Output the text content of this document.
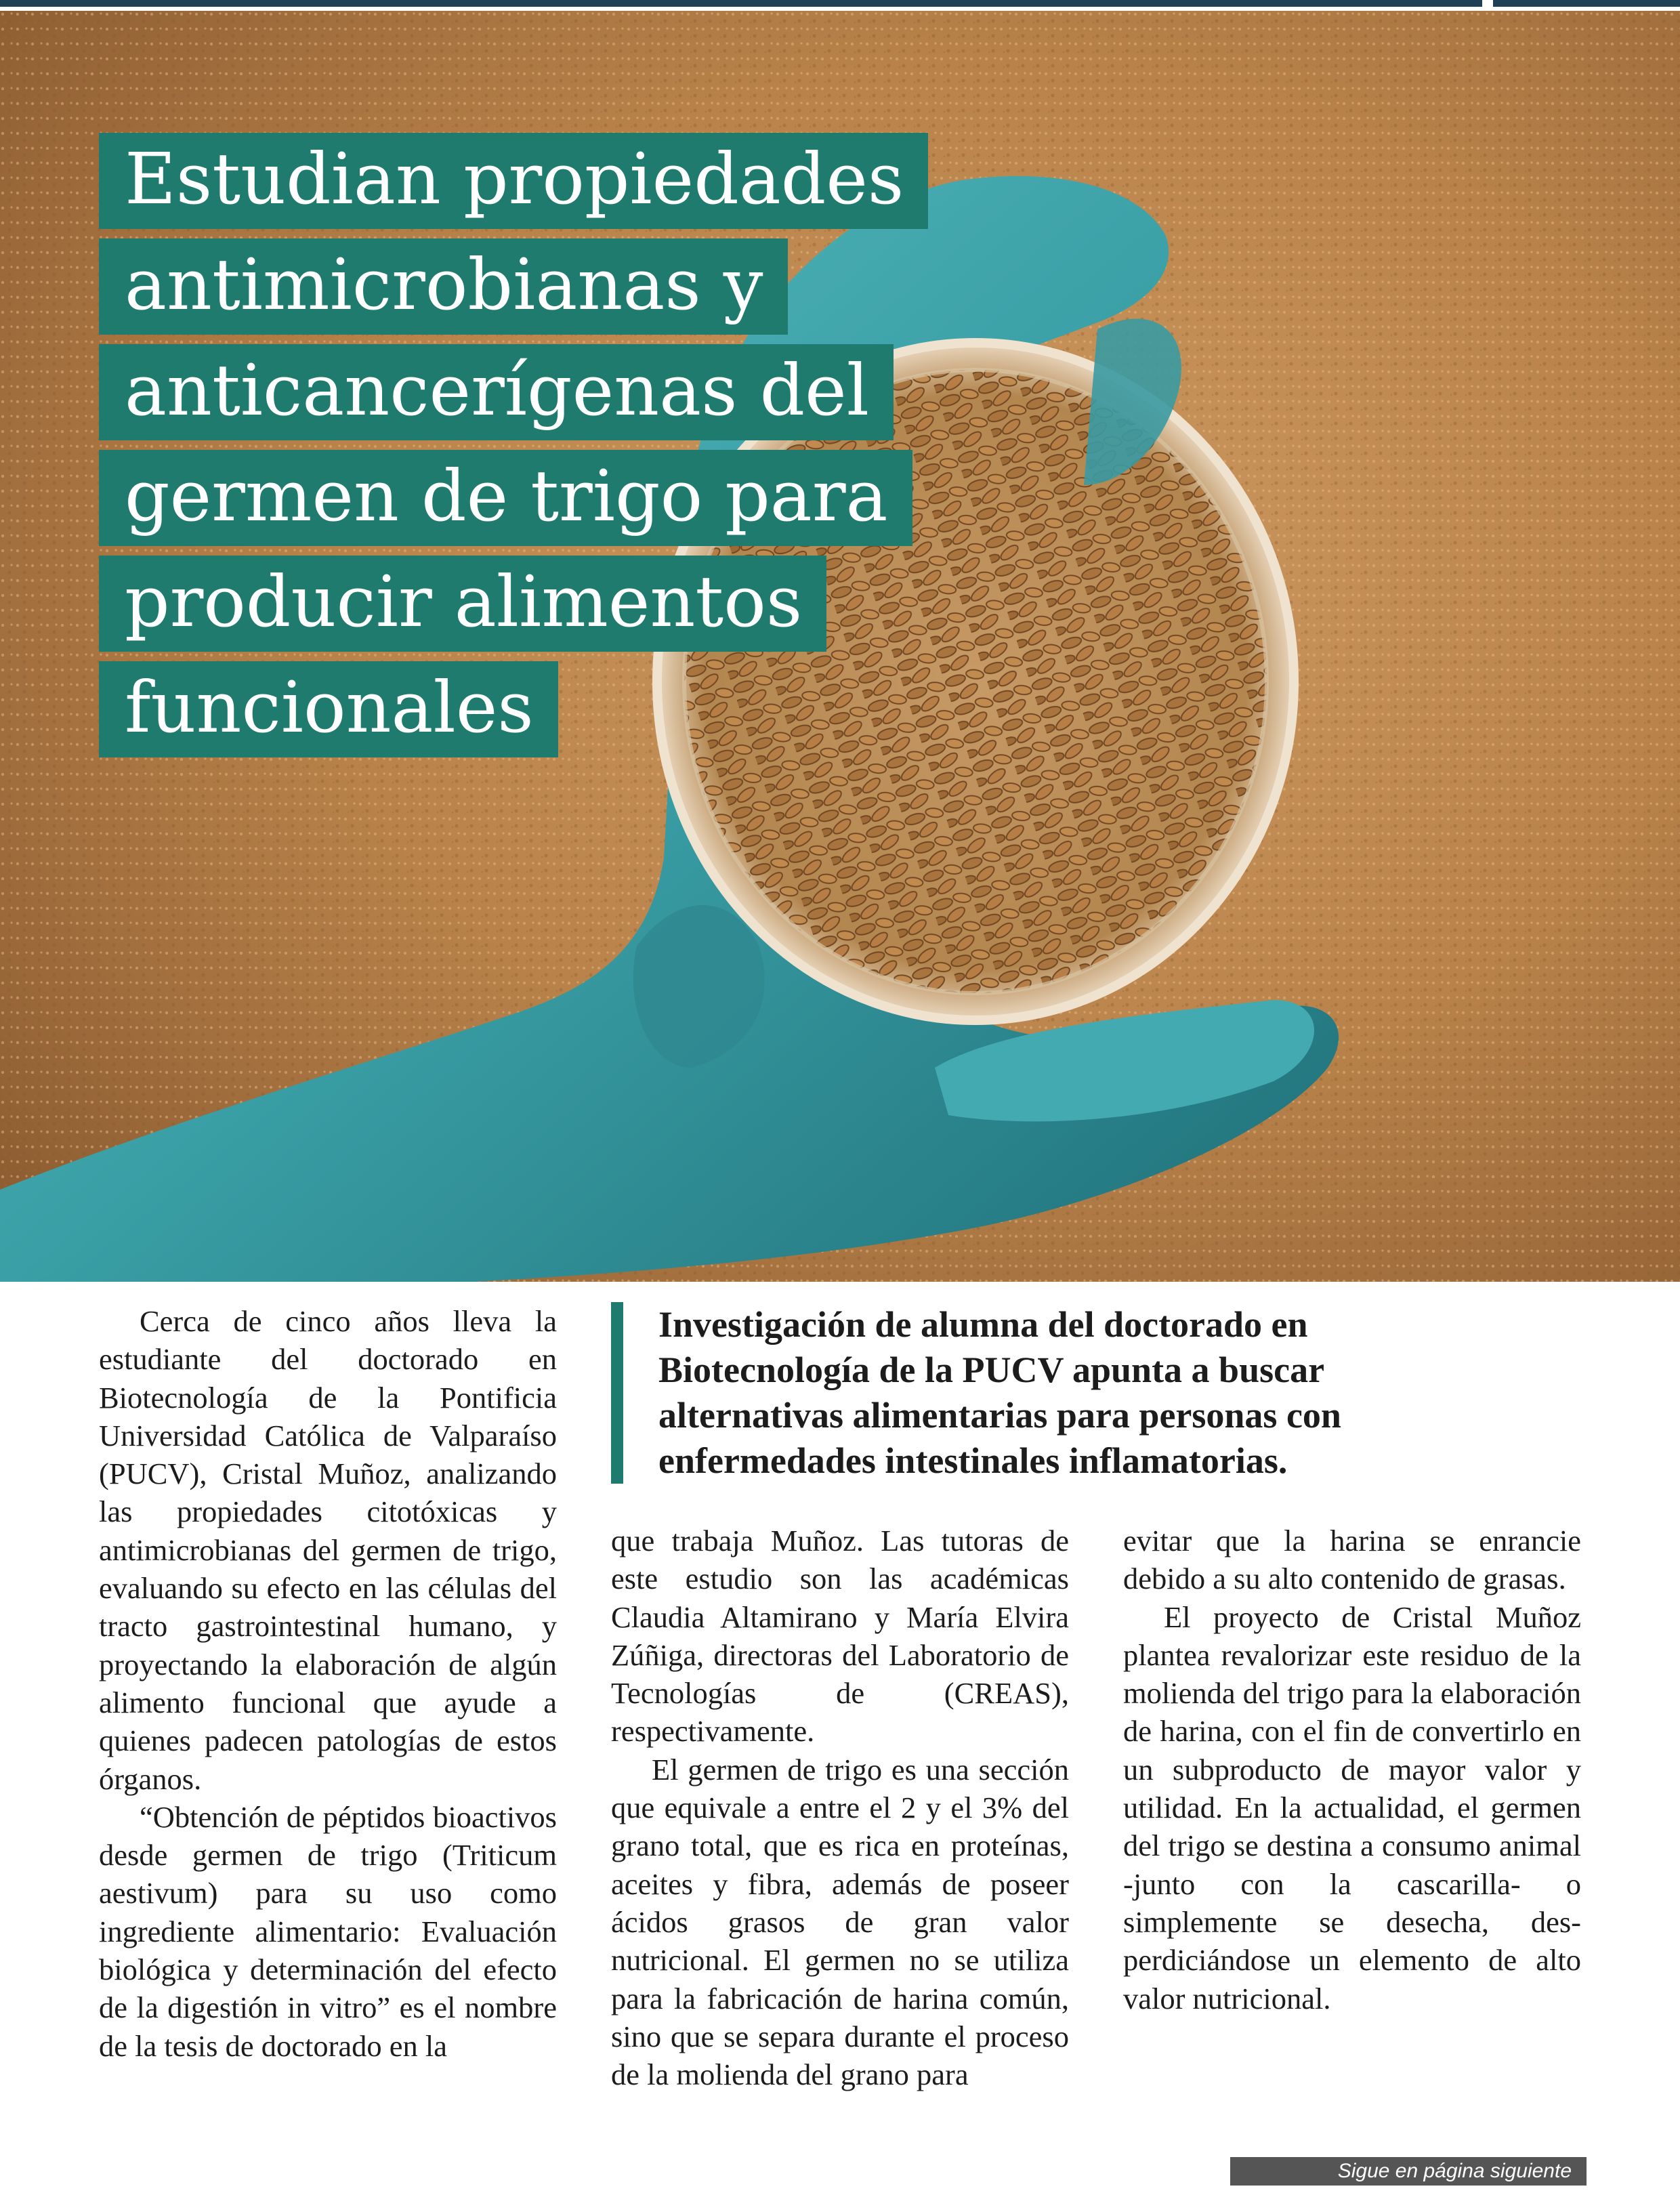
Estudian propiedades
antimicrobianas y
anticancerígenas del
germen de trigo para
producir alimentos
funcionales

Cerca de cinco años lleva la estudiante del doctorado en Biotecnología de la Pontificia Universidad Católica de Valparaíso (PUCV), Cristal Muñoz, analizando las propiedades citotóxicas y antimicrobianas del germen de trigo, evaluando su efecto en las células del tracto gastrointestinal humano, y proyectando la elaboración de algún alimento funcional que ayude a quienes padecen patologías de estos órganos.

“Obtención de péptidos bioactivos desde germen de trigo (Triticum aestivum) para su uso como ingrediente alimentario: Evaluación biológica y determinación del efecto de la digestión in vitro” es el nombre de la tesis de doctorado en la

Investigación de alumna del doctorado en
Biotecnología de la PUCV apunta a buscar
alternativas alimentarias para personas con
enfermedades intestinales inflamatorias.

que trabaja Muñoz. Las tutoras de este estudio son las académicas Claudia Altamirano y María Elvira Zúñiga, directoras del Laboratorio de Tecnologías de (CREAS), respectivamente.

El germen de trigo es una sección que equivale a entre el 2 y el 3% del grano total, que es rica en proteínas, aceites y fibra, además de poseer ácidos grasos de gran valor nutricional. El germen no se utiliza para la fabricación de harina común, sino que se separa durante el proceso de la molienda del grano para

evitar que la harina se enrancie debido a su alto contenido de grasas.

El proyecto de Cristal Muñoz plantea revalorizar este residuo de la molienda del trigo para la elaboración de harina, con el fin de convertirlo en un subproducto de mayor valor y utilidad. En la actualidad, el germen del trigo se destina a consumo animal -junto con la cascarilla- o simplemente se desecha, desperdiciándose un elemento de alto valor nutricional.

Sigue en página siguiente
